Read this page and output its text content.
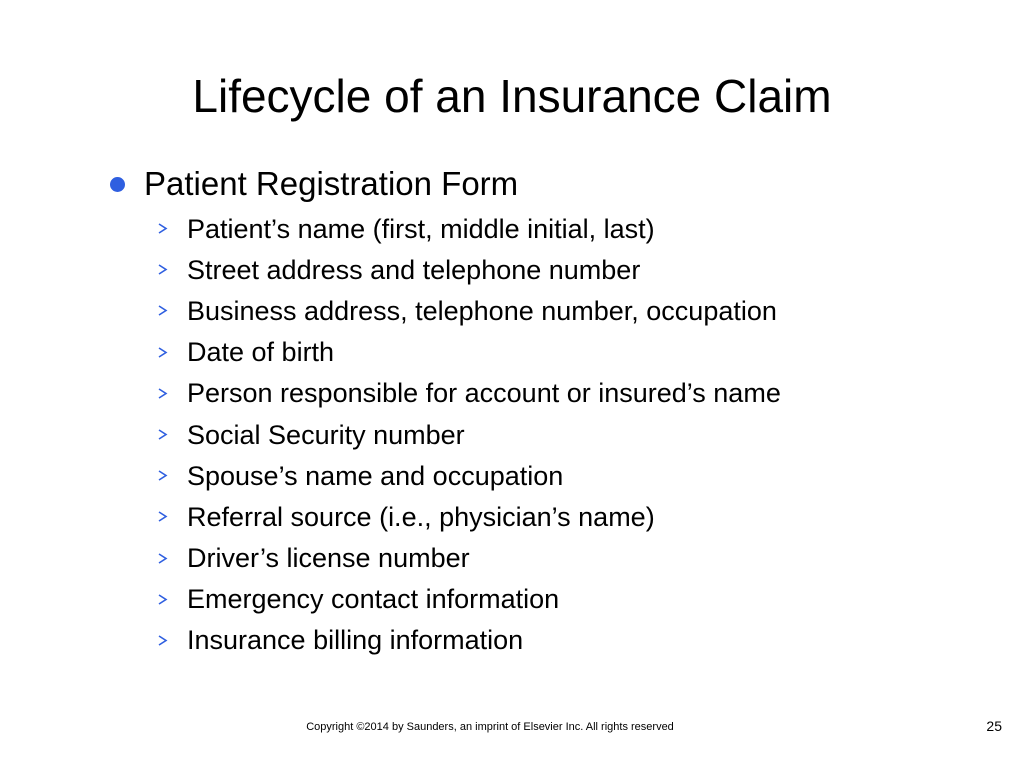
Lifecycle of an Insurance Claim
Patient Registration Form
Patient’s name (first, middle initial, last)
Street address and telephone number
Business address, telephone number, occupation
Date of birth
Person responsible for account or insured’s name
Social Security number
Spouse’s name and occupation
Referral source (i.e., physician’s name)
Driver’s license number
Emergency contact information
Insurance billing information
Copyright ©2014 by Saunders, an imprint of Elsevier Inc. All rights reserved	25
